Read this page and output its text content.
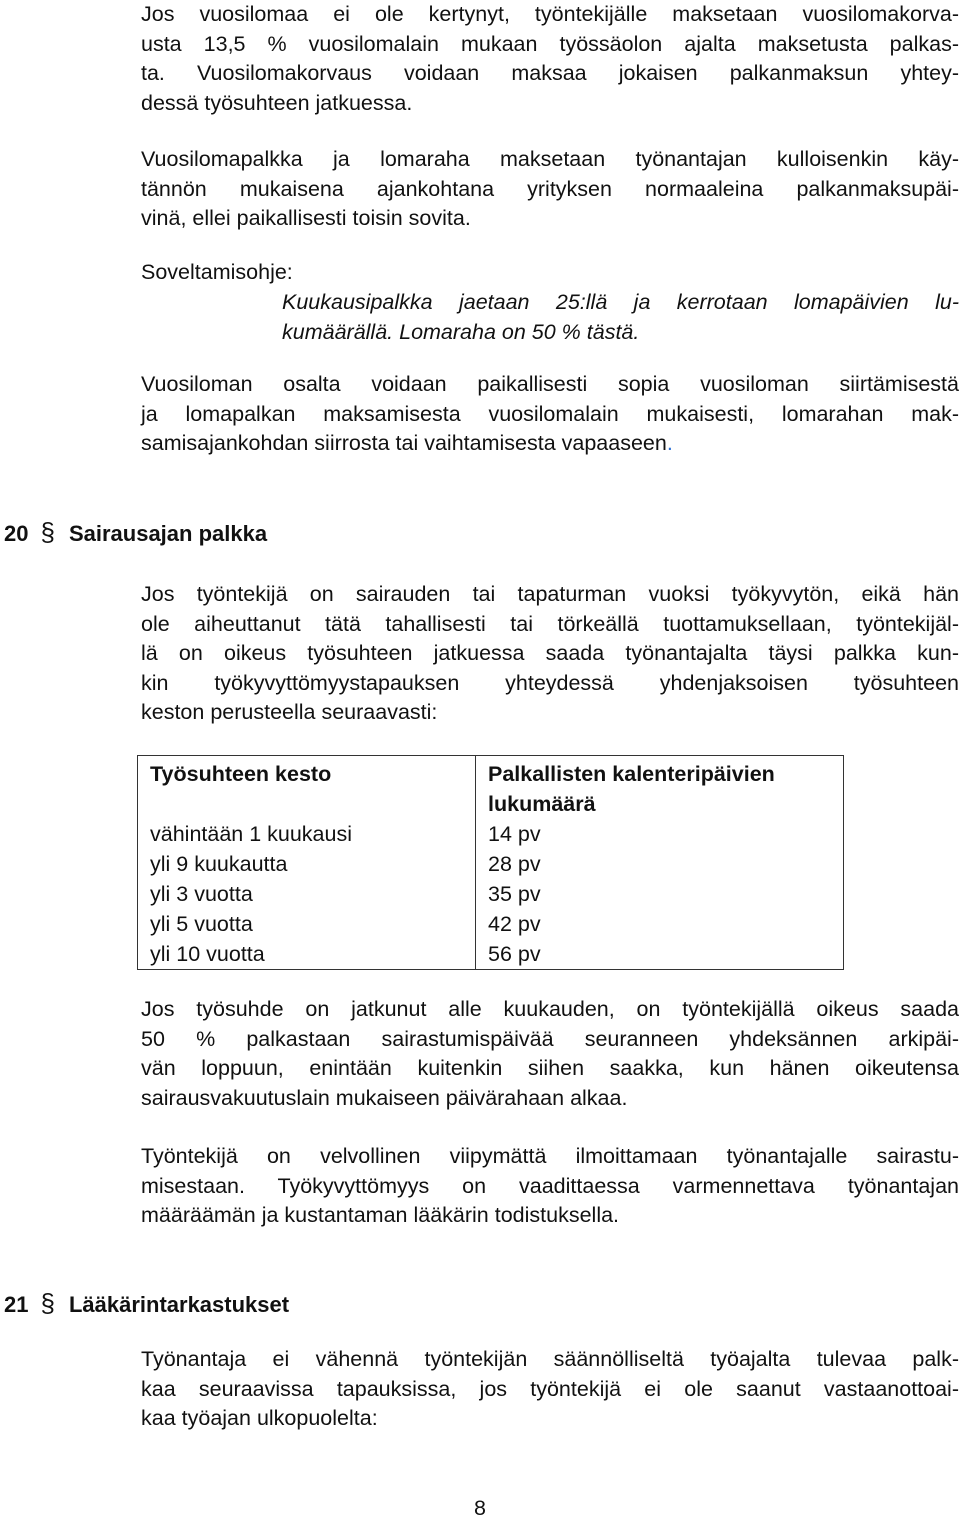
Jos vuosilomaa ei ole kertynyt, työntekijälle maksetaan vuosilomakorva-
usta 13,5 % vuosilomalain mukaan työssäolon ajalta maksetusta palkas-
ta. Vuosilomakorvaus voidaan maksaa jokaisen palkanmaksun yhtey-
dessä työsuhteen jatkuessa.
Vuosilomapalkka ja lomaraha maksetaan työnantajan kulloisenkin käy-
tännön mukaisena ajankohtana yrityksen normaaleina palkanmaksupäi-
vinä, ellei paikallisesti toisin sovita.
Soveltamisohje:
Kuukausipalkka jaetaan 25:llä ja kerrotaan lomapäivien lu-
kumäärällä. Lomaraha on 50 % tästä.
Vuosiloman osalta voidaan paikallisesti sopia vuosiloman siirtämisestä
ja lomapalkan maksamisesta vuosilomalain mukaisesti, lomarahan mak-
samisajankohdan siirrosta tai vaihtamisesta vapaaseen.
20 § Sairausajan palkka
Jos työntekijä on sairauden tai tapaturman vuoksi työkyvytön, eikä hän
ole aiheuttanut tätä tahallisesti tai törkeällä tuottamuksellaan, työntekijäl-
lä on oikeus työsuhteen jatkuessa saada työnantajalta täysi palkka kun-
kin työkyvyttömyystapauksen yhteydessä yhdenjaksoisen työsuhteen
keston perusteella seuraavasti:
Työsuhteen kesto	Palkallisten kalenteripäivien lukumäärä
vähintään 1 kuukausi	14 pv
yli 9 kuukautta	28 pv
yli 3 vuotta	35 pv
yli 5 vuotta	42 pv
yli 10 vuotta	56 pv
Jos työsuhde on jatkunut alle kuukauden, on työntekijällä oikeus saada
50 % palkastaan sairastumispäivää seuranneen yhdeksännen arkipäi-
vän loppuun, enintään kuitenkin siihen saakka, kun hänen oikeutensa
sairausvakuutuslain mukaiseen päivärahaan alkaa.
Työntekijä on velvollinen viipymättä ilmoittamaan työnantajalle sairastu-
misestaan. Työkyvyttömyys on vaadittaessa varmennettava työnantajan
määräämän ja kustantaman lääkärin todistuksella.
21 § Lääkärintarkastukset
Työnantaja ei vähennä työntekijän säännölliseltä työajalta tulevaa palk-
kaa seuraavissa tapauksissa, jos työntekijä ei ole saanut vastaanottoai-
kaa työajan ulkopuolelta:
8
